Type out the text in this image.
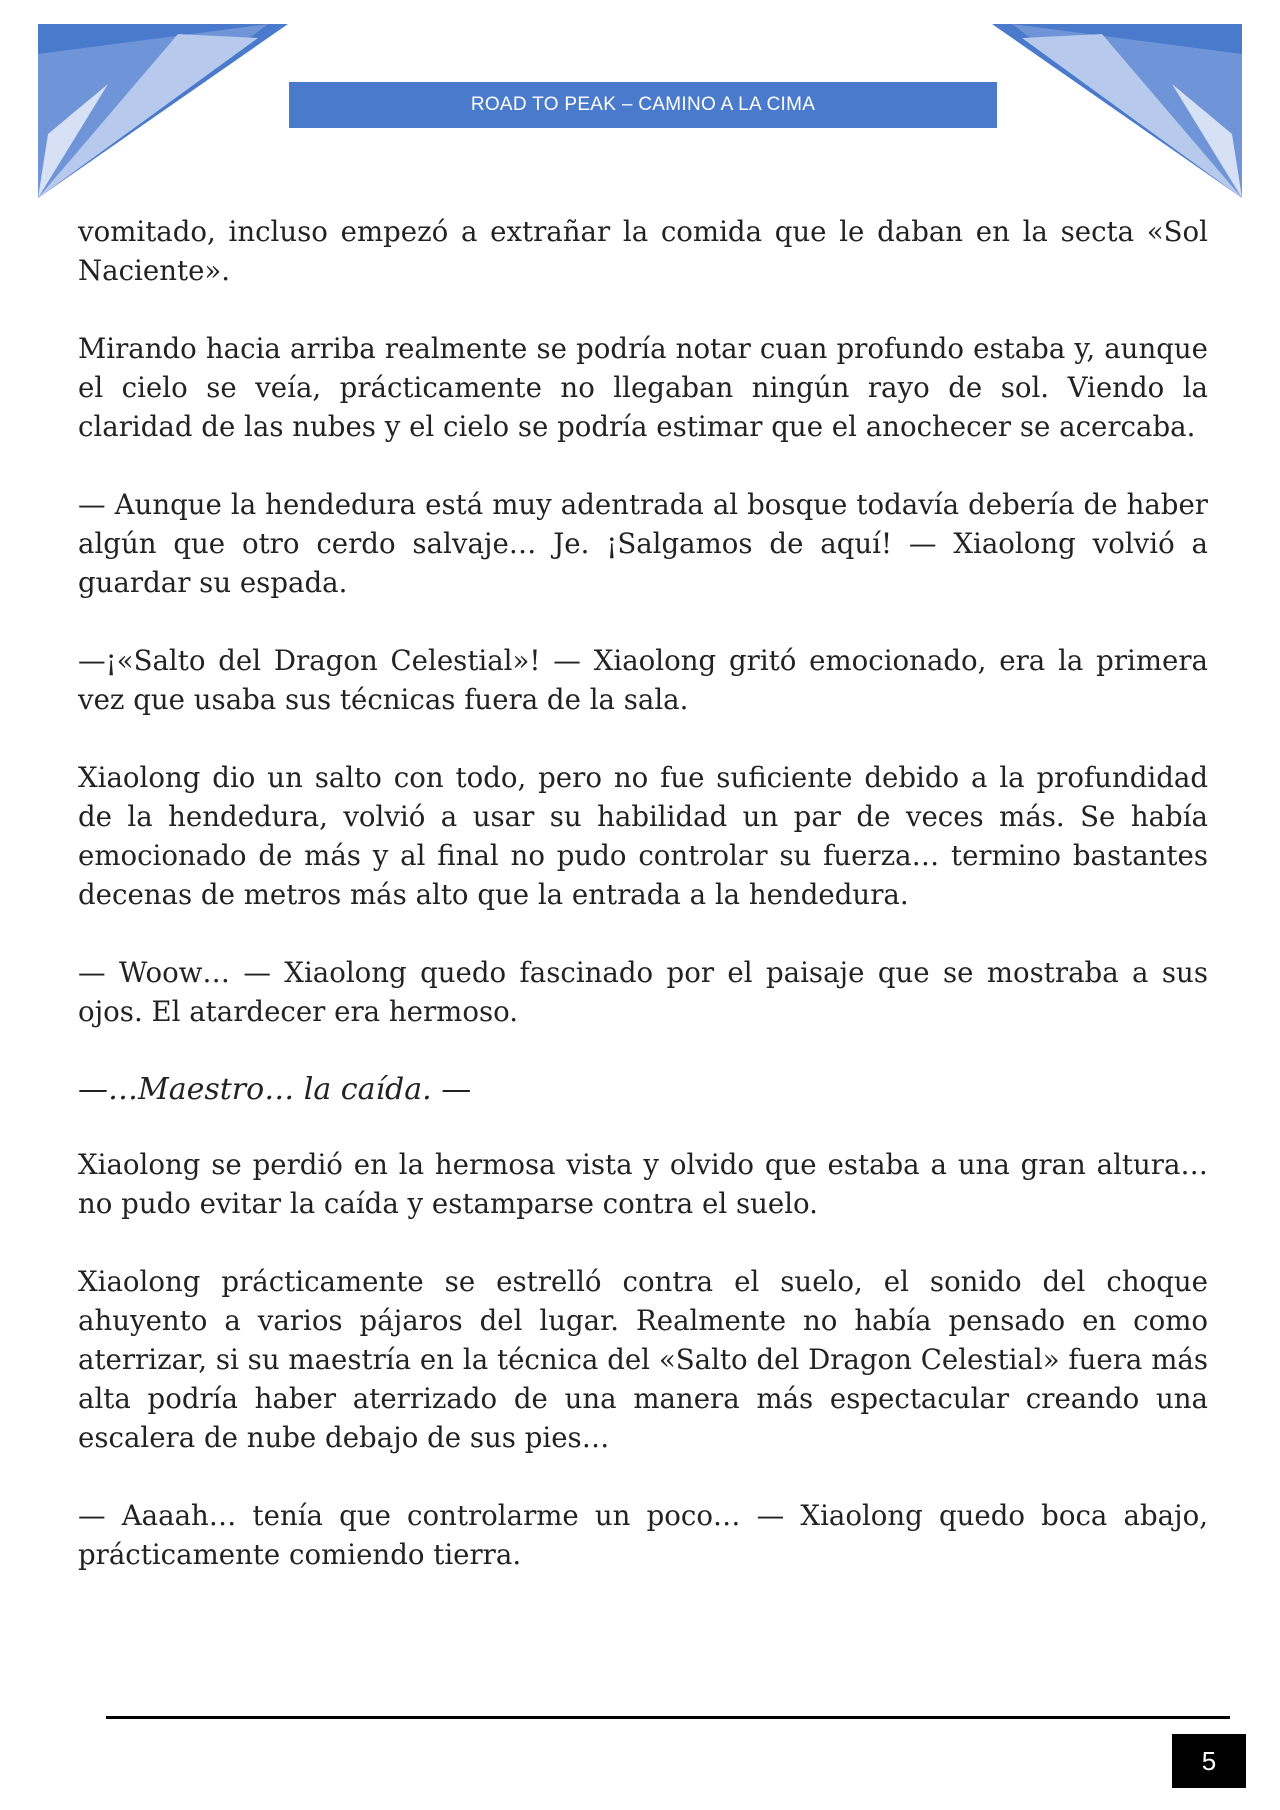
ROAD TO PEAK – CAMINO A LA CIMA

vomitado, incluso empezó a extrañar la comida que le daban en la secta «Sol Naciente».

Mirando hacia arriba realmente se podría notar cuan profundo estaba y, aunque el cielo se veía, prácticamente no llegaban ningún rayo de sol. Viendo la claridad de las nubes y el cielo se podría estimar que el anochecer se acercaba.

— Aunque la hendedura está muy adentrada al bosque todavía debería de haber algún que otro cerdo salvaje… Je. ¡Salgamos de aquí! — Xiaolong volvió a guardar su espada.

—¡«Salto del Dragon Celestial»! — Xiaolong gritó emocionado, era la primera vez que usaba sus técnicas fuera de la sala.

Xiaolong dio un salto con todo, pero no fue suficiente debido a la profundidad de la hendedura, volvió a usar su habilidad un par de veces más. Se había emocionado de más y al final no pudo controlar su fuerza… termino bastantes decenas de metros más alto que la entrada a la hendedura.

— Woow… — Xiaolong quedo fascinado por el paisaje que se mostraba a sus ojos. El atardecer era hermoso.

—…Maestro… la caída. —

Xiaolong se perdió en la hermosa vista y olvido que estaba a una gran altura… no pudo evitar la caída y estamparse contra el suelo.

Xiaolong prácticamente se estrelló contra el suelo, el sonido del choque ahuyento a varios pájaros del lugar. Realmente no había pensado en como aterrizar, si su maestría en la técnica del «Salto del Dragon Celestial» fuera más alta podría haber aterrizado de una manera más espectacular creando una escalera de nube debajo de sus pies…

— Aaaah… tenía que controlarme un poco… — Xiaolong quedo boca abajo, prácticamente comiendo tierra.

5
